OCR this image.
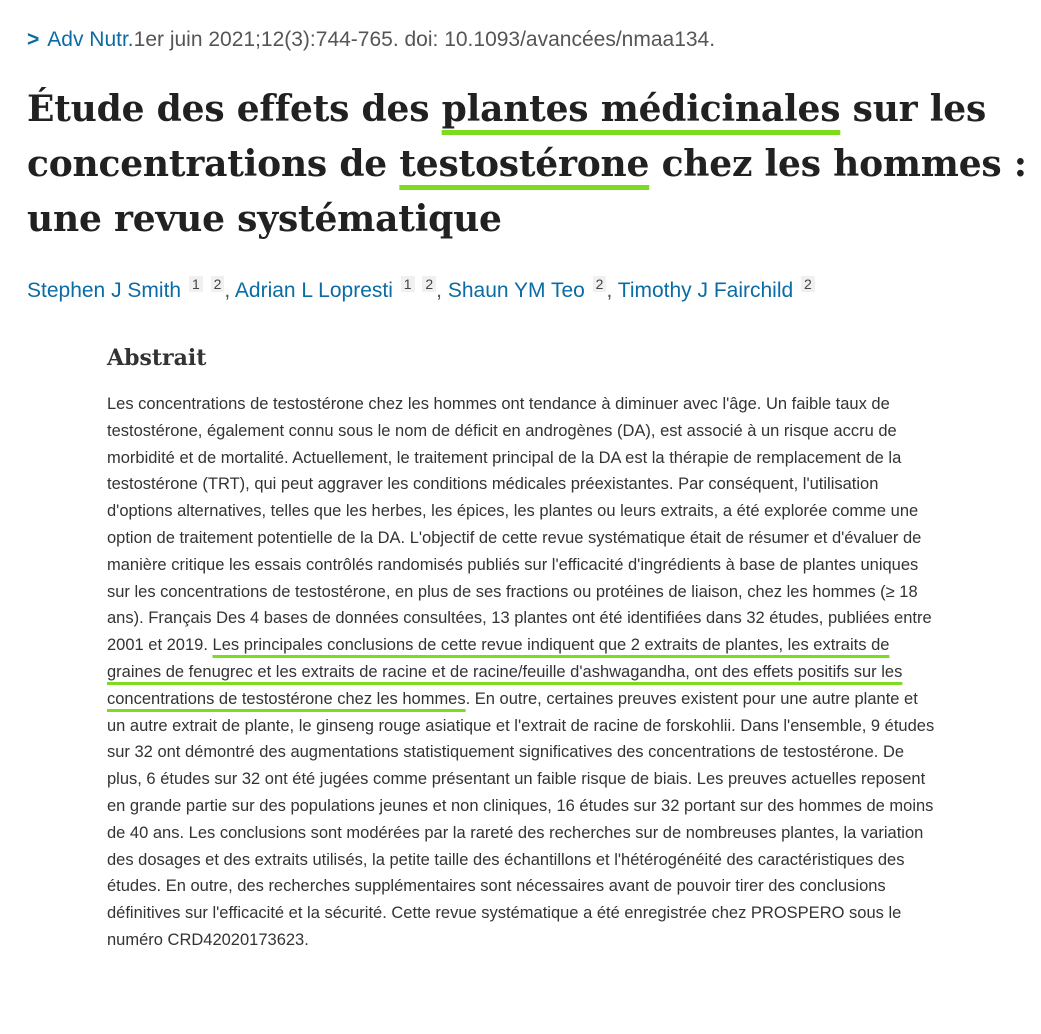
> Adv Nutr.1er juin 2021;12(3):744-765. doi: 10.1093/avancées/nmaa134.
Étude des effets des plantes médicinales sur les concentrations de testostérone chez les hommes : une revue systématique
Stephen J Smith $^1$ $^2$ , Adrian L Lopresti $^1$ $^2$ , Shaun YM Teo $^2$ , Timothy J Fairchild $^2$
Abstrait

Les concentrations de testostérone chez les hommes ont tendance à diminuer avec l'âge. Un faible taux de testostérone, également connu sous le nom de déficit en androgènes (DA), est associé à un risque accru de morbidité et de mortalité. Actuellement, le traitement principal de la DA est la thérapie de remplacement de la testostérone (TRT), qui peut aggraver les conditions médicales préexistantes. Par conséquent, l'utilisation d'options alternatives, telles que les herbes, les épices, les plantes ou leurs extraits, a été explorée comme une option de traitement potentielle de la DA. L'objectif de cette revue systématique était de résumer et d'évaluer de manière critique les essais contrôlés randomisés publiés sur l'efficacité d'ingrédients à base de plantes uniques sur les concentrations de testostérone, en plus de ses fractions ou protéines de liaison, chez les hommes (≥ 18 ans). Français Des 4 bases de données consultées, 13 plantes ont été identifiées dans 32 études, publiées entre 2001 et 2019. Les principales conclusions de cette revue indiquent que 2 extraits de plantes, les extraits de graines de fenugrec et les extraits de racine et de racine/feuille d'ashwagandha, ont des effets positifs sur les concentrations de testostérone chez les hommes. En outre, certaines preuves existent pour une autre plante et un autre extrait de plante, le ginseng rouge asiatique et l'extrait de racine de forskohlii. Dans l'ensemble, 9 études sur 32 ont démontré des augmentations statistiquement significatives des concentrations de testostérone. De plus, 6 études sur 32 ont été jugées comme présentant un faible risque de biais. Les preuves actuelles reposent en grande partie sur des populations jeunes et non cliniques, 16 études sur 32 portant sur des hommes de moins de 40 ans. Les conclusions sont modérées par la rareté des recherches sur de nombreuses plantes, la variation des dosages et des extraits utilisés, la petite taille des échantillons et l'hétérogénéité des caractéristiques des études. En outre, des recherches supplémentaires sont nécessaires avant de pouvoir tirer des conclusions définitives sur l'efficacité et la sécurité. Cette revue systématique a été enregistrée chez PROSPERO sous le numéro CRD42020173623.
